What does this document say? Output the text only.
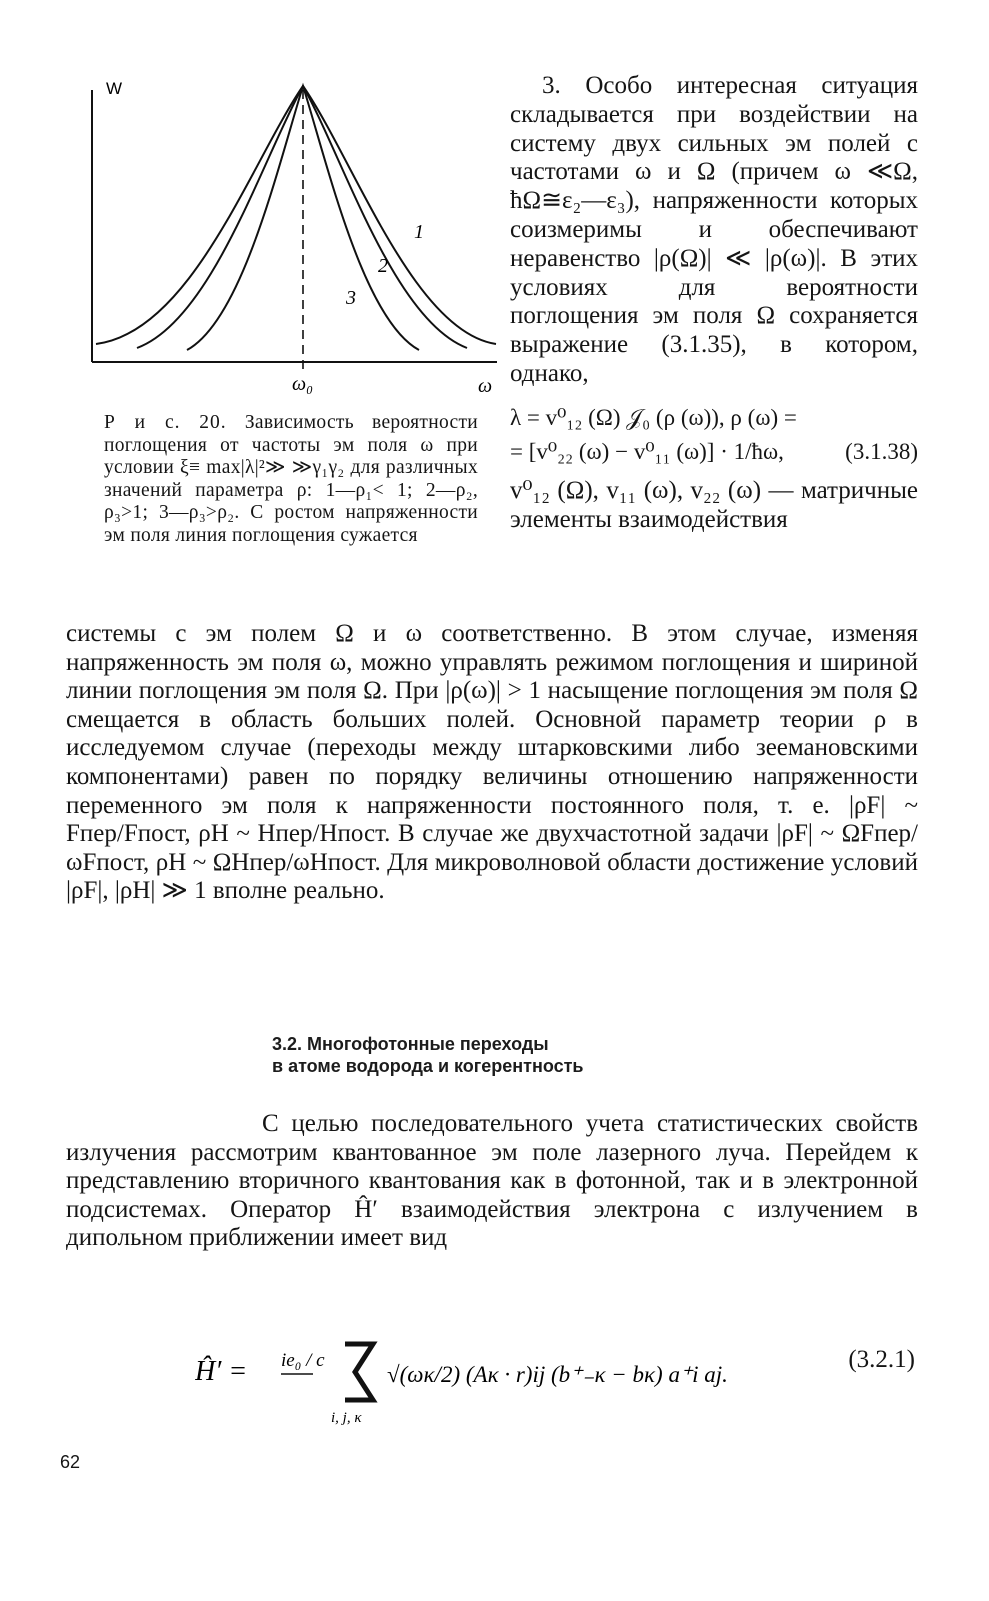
W
ω
ω₀
1
2
3
Р и с. 20. Зависимость вероятности поглощения от частоты эм поля ω при условии ξ≡ max|λ|²≫ ≫γ₁γ₂ для различных значений параметра ρ: 1—ρ₁< 1; 2—ρ₂, ρ₃>1; 3—ρ₃>ρ₂. С ростом напряженности эм поля линия поглощения сужается

3. Особо интересная ситуация складывается при воздействии на систему двух сильных эм полей с частотами ω и Ω (причем ω ≪Ω, ħΩ≅ε₂—ε₃), напряженности которых соизмеримы и обеспечивают неравенство |ρ(Ω)| ≪ |ρ(ω)|. В этих условиях для вероятности поглощения эм поля Ω сохраняется выражение (3.1.35), в котором, однако,

λ = v⁰₁₂ (Ω) 𝒥₀ (ρ (ω)), ρ (ω) =
= [v⁰₂₂ (ω) − v⁰₁₁ (ω)] · 1/ħω,	(3.1.38)

v⁰₁₂ (Ω), v₁₁ (ω), v₂₂ (ω) — матричные элементы взаимодействия

системы с эм полем Ω и ω соответственно. В этом случае, изменяя напряженность эм поля ω, можно управлять режимом поглощения и шириной линии поглощения эм поля Ω. При |ρ(ω)| > 1 насыщение поглощения эм поля Ω смещается в область больших полей. Основной параметр теории ρ в исследуемом случае (переходы между штарковскими либо зеемановскими компонентами) равен по порядку величины отношению напряженности переменного эм поля к напряженности постоянного поля, т. е. |ρF| ~ Fпер/Fпост, ρH ~ Hпер/Hпост. В случае же двухчастотной задачи |ρF| ~ ΩFпер/ωFпост, ρH ~ ΩHпер/ωHпост. Для микроволновой области достижение условий |ρF|, |ρH| ≫ 1 вполне реально.

3.2. Многофотонные переходы
в атоме водорода и когерентность

С целью последовательного учета статистических свойств излучения рассмотрим квантованное эм поле лазерного луча. Перейдем к представлению вторичного квантования как в фотонной, так и в электронной подсистемах. Оператор Ĥ′ взаимодействия электрона с излучением в дипольном приближении имеет вид

Ĥ′ = ie₀ / c
i, j, κ
√(ωκ/2) (Aκ · r)ij (b⁺₋κ − bκ) a⁺i aj.
(3.2.1)
62
